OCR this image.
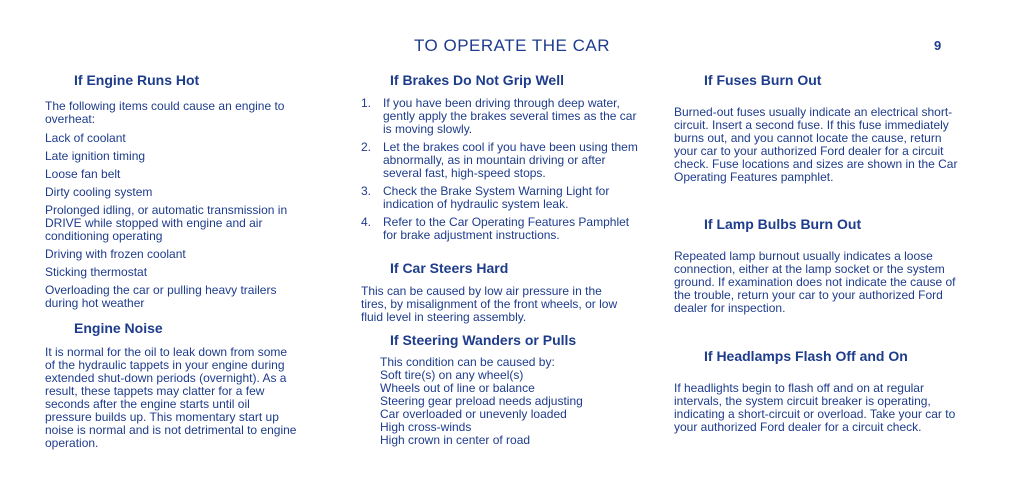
TO OPERATE THE CAR	9
If Engine Runs Hot

The following items could cause an engine to overheat:

Lack of coolant
Late ignition timing
Loose fan belt
Dirty cooling system

Prolonged idling, or automatic transmission in DRIVE while stopped with engine and air conditioning operating

Driving with frozen coolant
Sticking thermostat

Overloading the car or pulling heavy trailers during hot weather

Engine Noise

It is normal for the oil to leak down from some of the hydraulic tappets in your engine during extended shut-down periods (overnight). As a result, these tappets may clatter for a few seconds after the engine starts until oil pressure builds up. This momentary start up noise is normal and is not detrimental to engine operation.

If Brakes Do Not Grip Well
1. If you have been driving through deep water, gently apply the brakes several times as the car is moving slowly.
2. Let the brakes cool if you have been using them abnormally, as in mountain driving or after several fast, high-speed stops.
3. Check the Brake System Warning Light for indication of hydraulic system leak.
4. Refer to the Car Operating Features Pamphlet for brake adjustment instructions.
If Car Steers Hard

This can be caused by low air pressure in the tires, by misalignment of the front wheels, or low fluid level in steering assembly.

If Steering Wanders or Pulls
This condition can be caused by:
Soft tire(s) on any wheel(s)
Wheels out of line or balance
Steering gear preload needs adjusting
Car overloaded or unevenly loaded
High cross-winds
High crown in center of road
If Fuses Burn Out

Burned-out fuses usually indicate an electrical short-circuit. Insert a second fuse. If this fuse immediately burns out, and you cannot locate the cause, return your car to your authorized Ford dealer for a circuit check. Fuse locations and sizes are shown in the Car Operating Features pamphlet.

If Lamp Bulbs Burn Out

Repeated lamp burnout usually indicates a loose connection, either at the lamp socket or the system ground. If examination does not indicate the cause of the trouble, return your car to your authorized Ford dealer for inspection.

If Headlamps Flash Off and On

If headlights begin to flash off and on at regular intervals, the system circuit breaker is operating, indicating a short-circuit or overload. Take your car to your authorized Ford dealer for a circuit check.
